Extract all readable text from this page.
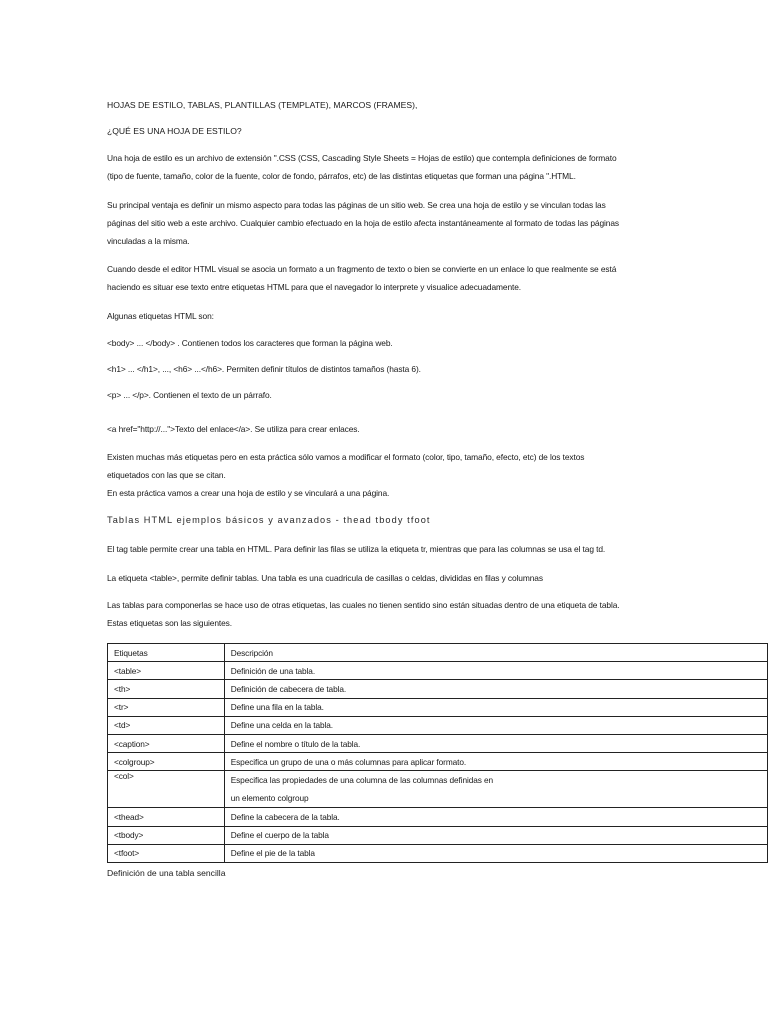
HOJAS DE ESTILO, TABLAS, PLANTILLAS (TEMPLATE), MARCOS (FRAMES),

¿QUÉ ES UNA HOJA DE ESTILO?

Una hoja de estilo es un archivo de extensión ".CSS (CSS, Cascading Style Sheets = Hojas de estilo) que contempla definiciones de formato

(tipo de fuente, tamaño, color de la fuente, color de fondo, párrafos, etc) de las distintas etiquetas que forman una página ".HTML.

Su principal ventaja es definir un mismo aspecto para todas las páginas de un sitio web. Se crea una hoja de estilo y se vinculan todas las

páginas del sitio web a este archivo. Cualquier cambio efectuado en la hoja de estilo afecta instantáneamente al formato de todas las páginas

vinculadas a la misma.

Cuando desde el editor HTML visual se asocia un formato a un fragmento de texto o bien se convierte en un enlace lo que realmente se está

haciendo es situar ese texto entre etiquetas HTML para que el navegador lo interprete y visualice adecuadamente.

Algunas etiquetas HTML son:

<body> ... </body> . Contienen todos los caracteres que forman la página web.

<h1> ... </h1>, ..., <h6> ...</h6>. Permiten definir títulos de distintos tamaños (hasta 6).

<p> ... </p>. Contienen el texto de un párrafo.

<a href="http://...">Texto del enlace</a>. Se utiliza para crear enlaces.

Existen muchas más etiquetas pero en esta práctica sólo vamos a modificar el formato (color, tipo, tamaño, efecto, etc) de los textos

etiquetados con las que se citan.

En esta práctica vamos a crear una hoja de estilo y se vinculará a una página.

Tablas HTML ejemplos básicos y avanzados - thead tbody tfoot

El tag table permite crear una tabla en HTML. Para definir las filas se utiliza la etiqueta tr, mientras que para las columnas se usa el tag td.

La etiqueta <table>, permite definir tablas. Una tabla es una cuadricula de casillas o celdas, divididas en filas y columnas

Las tablas para componerlas se hace uso de otras etiquetas, las cuales no tienen sentido sino están situadas dentro de una etiqueta de tabla.

Estas etiquetas son las siguientes.

Etiquetas	Descripción
<table>	Definición de una tabla.
<th>	Definición de cabecera de tabla.
<tr>	Define una fila en la tabla.
<td>	Define una celda en la tabla.
<caption>	Define el nombre o título de la tabla.
<colgroup>	Especifica un grupo de una o más columnas para aplicar formato.
<col>	Especifica las propiedades de una columna de las columnas definidas en
un elemento colgroup

<thead>	Define la cabecera de la tabla.
<tbody>	Define el cuerpo de la tabla
<tfoot>	Define el pie de la tabla

Definición de una tabla sencilla
